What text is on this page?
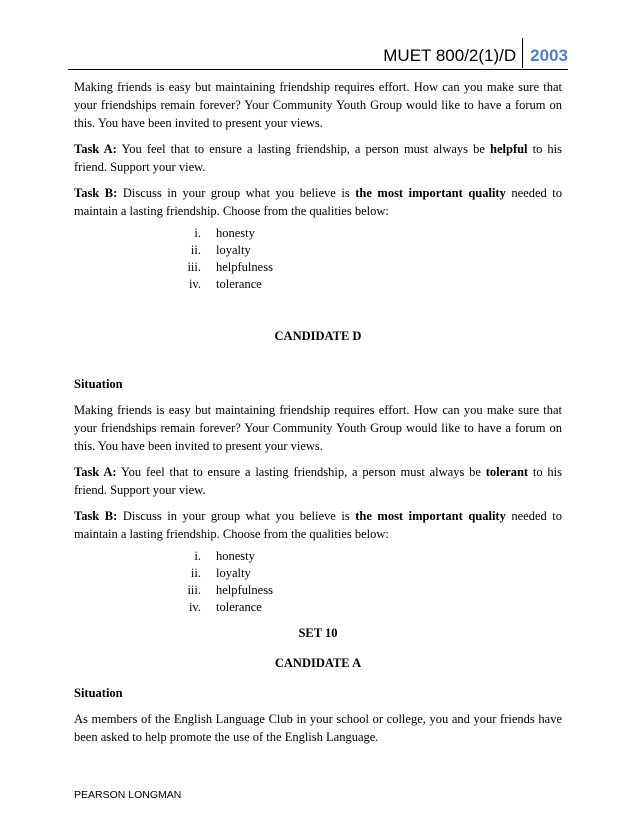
MUET 800/2(1)/D 2003

Making friends is easy but maintaining friendship requires effort. How can you make sure that your friendships remain forever? Your Community Youth Group would like to have a forum on this. You have been invited to present your views.

Task A: You feel that to ensure a lasting friendship, a person must always be helpful to his friend. Support your view.

Task B: Discuss in your group what you believe is the most important quality needed to maintain a lasting friendship. Choose from the qualities below:

i. honesty
ii. loyalty
iii. helpfulness
iv. tolerance

CANDIDATE D

Situation

Making friends is easy but maintaining friendship requires effort. How can you make sure that your friendships remain forever? Your Community Youth Group would like to have a forum on this. You have been invited to present your views.

Task A: You feel that to ensure a lasting friendship, a person must always be tolerant to his friend. Support your view.

Task B: Discuss in your group what you believe is the most important quality needed to maintain a lasting friendship. Choose from the qualities below:

i. honesty
ii. loyalty
iii. helpfulness
iv. tolerance

SET 10

CANDIDATE A

Situation

As members of the English Language Club in your school or college, you and your friends have been asked to help promote the use of the English Language.

PEARSON LONGMAN
